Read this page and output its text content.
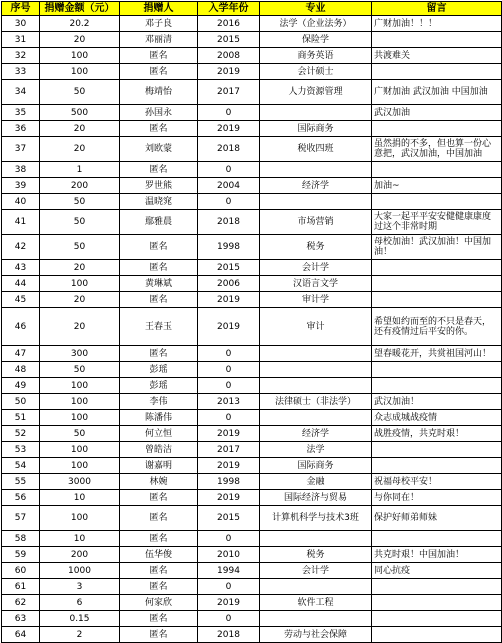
序号	捐赠金额（元）	捐赠人	入学年份	专业	留言
30	20.2	邓子良	2016	法学（企业法务）	广财加油！！！
31	20	邓丽清	2015	保险学	
32	100	匿名	2008	商务英语	共渡难关
33	100	匿名	2019	会计硕士	
34	50	梅靖怡	2017	人力资源管理	广财加油 武汉加油 中国加油
35	500	孙国永	0		武汉加油
36	20	匿名	2019	国际商务	
37	20	刘欧蒙	2018	税收四班	虽然捐的不多，但也算一份心意把，武汉加油，中国加油
38	1	匿名	0		
39	200	罗世熊	2004	经济学	加油~
40	50	温晓窕	0		
41	50	鄢雅晨	2018	市场营销	大家一起平平安安健健康康度过这个非常时期
42	50	匿名	1998	税务	母校加油！武汉加油！中国加油！
43	20	匿名	2015	会计学	
44	100	黄琳斌	2006	汉语言文学	
45	20	匿名	2019	审计学	
46	20	王春玉	2019	审计	希望如约而至的不只是春天，还有疫情过后平安的你。
47	300	匿名	0		望春暖花开，共赏祖国河山！
48	50	彭瑶	0		
49	100	彭瑶	0		
50	100	李伟	2013	法律硕士（非法学）	武汉加油！
51	100	陈潘伟	0		众志成城战疫情
52	50	何立恒	2019	经济学	战胜疫情，共克时艰！
53	100	曾皓洁	2017	法学	
54	100	谢嘉明	2019	国际商务	
55	3000	林婉	1998	金融	祝福母校平安！
56	10	匿名	2019	国际经济与贸易	与你同在！
57	100	匿名	2015	计算机科学与技术3班	保护好师弟师妹
58	10	匿名	0		
59	200	伍华俊	2010	税务	共克时艰！中国加油！
60	1000	匿名	1994	会计学	同心抗疫
61	3	匿名	0		
62	6	何家欣	2019	软件工程	
63	0.15	匿名	0		
64	2	匿名	2018	劳动与社会保障	
